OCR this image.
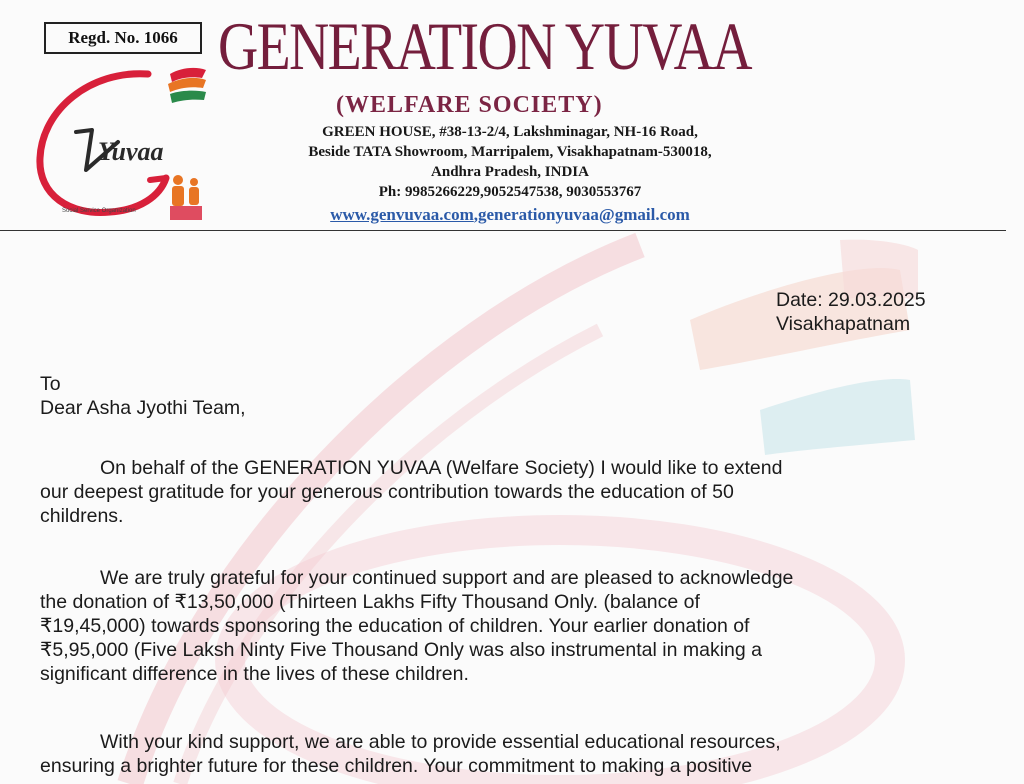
Regd. No. 1066 GENERATION YUVAA
(WELFARE SOCIETY)
GREEN HOUSE, #38-13-2/4, Lakshminagar, NH-16 Road,
Beside TATA Showroom, Marripalem, Visakhapatnam-530018,
Andhra Pradesh, INDIA
Ph: 9985266229,9052547538, 9030553767
www.genvuvaa.com,generationyuvaa@gmail.com
Yuvaa
Social Service Organization
Date: 29.03.2025
Visakhapatnam
To
Dear Asha Jyothi Team,
On behalf of the GENERATION YUVAA (Welfare Society) I would like to extend
our deepest gratitude for your generous contribution towards the education of 50
childrens.
We are truly grateful for your continued support and are pleased to acknowledge
the donation of ₹13,50,000 (Thirteen Lakhs Fifty Thousand Only. (balance of
₹19,45,000) towards sponsoring the education of children. Your earlier donation of
₹5,95,000 (Five Laksh Ninty Five Thousand Only was also instrumental in making a
significant difference in the lives of these children.
With your kind support, we are able to provide essential educational resources,
ensuring a brighter future for these children. Your commitment to making a positive
